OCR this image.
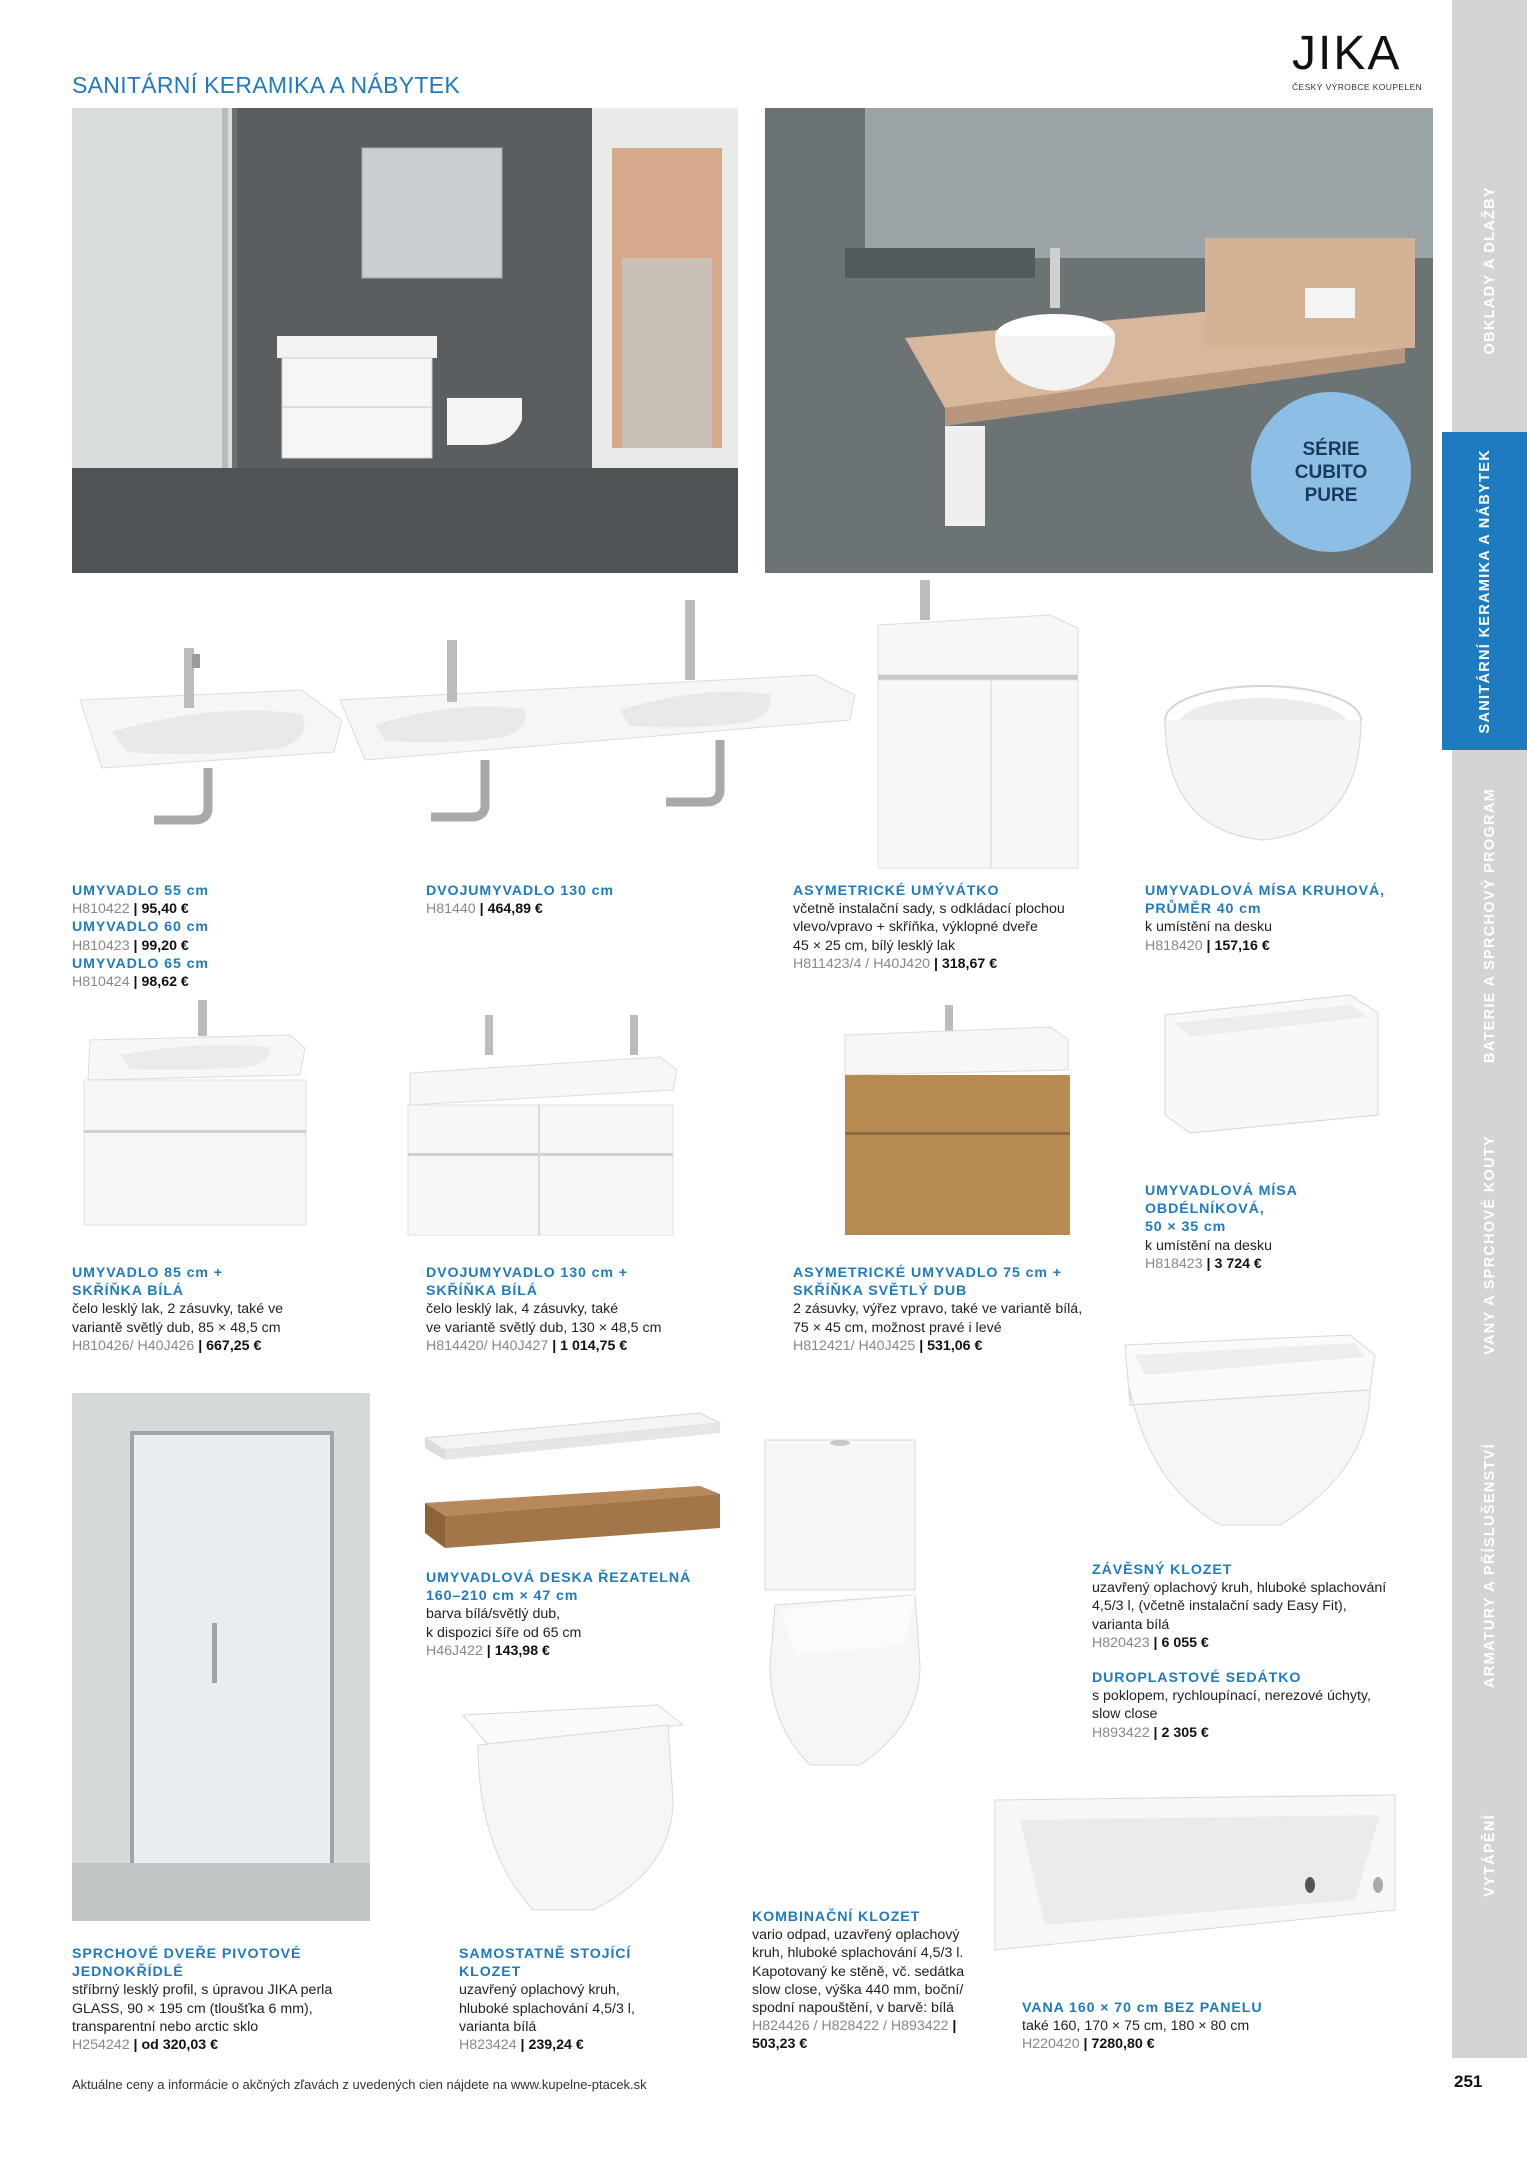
SANITÁRNÍ KERAMIKA A NÁBYTEK
JIKA
ČESKÝ VÝROBCE KOUPELEN
OBKLADY A DLAŽBY
SANITÁRNÍ KERAMIKA A NÁBYTEK
BATERIE A SPRCHOVÝ PROGRAM
VANY A SPRCHOVÉ KOUTY
ARMATURY A PŘÍSLUŠENSTVÍ
VYTÁPĚNÍ
SÉRIE
CUBITO
PURE
UMYVADLO 55 cm
H810422 | 95,40 €
UMYVADLO 60 cm
H810423 | 99,20 €
UMYVADLO 65 cm
H810424 | 98,62 €
DVOJUMYVADLO 130 cm
H81440 | 464,89 €
ASYMETRICKÉ UMÝVÁTKO
včetně instalační sady, s odkládací plochou
vlevo/vpravo + skříňka, výklopné dveře
45 × 25 cm, bílý lesklý lak
H811423/4 / H40J420 | 318,67 €
UMYVADLOVÁ MÍSA KRUHOVÁ,
PRŮMĚR 40 cm
k umístění na desku
H818420 | 157,16 €
UMYVADLO 85 cm +
SKŘÍŇKA BÍLÁ
čelo lesklý lak, 2 zásuvky, také ve
variantě světlý dub, 85 × 48,5 cm
H810426/ H40J426 | 667,25 €
DVOJUMYVADLO 130 cm +
SKŘÍŇKA BÍLÁ
čelo lesklý lak, 4 zásuvky, také
ve variantě světlý dub, 130 × 48,5 cm
H814420/ H40J427 | 1 014,75 €
ASYMETRICKÉ UMYVADLO 75 cm +
SKŘÍŇKA SVĚTLÝ DUB
2 zásuvky, výřez vpravo, také ve variantě bílá,
75 × 45 cm, možnost pravé i levé
H812421/ H40J425 | 531,06 €
UMYVADLOVÁ MÍSA
OBDÉLNÍKOVÁ,
50 × 35 cm
k umístění na desku
H818423 | 3 724 €
UMYVADLOVÁ DESKA ŘEZATELNÁ
160–210 cm × 47 cm
barva bílá/světlý dub,
k dispozici šíře od 65 cm
H46J422 | 143,98 €
ZÁVĚSNÝ KLOZET
uzavřený oplachový kruh, hluboké splachování
4,5/3 l, (včetně instalační sady Easy Fit),
varianta bílá
H820423 | 6 055 €
DUROPLASTOVÉ SEDÁTKO
s poklopem, rychloupínací, nerezové úchyty,
slow close
H893422 | 2 305 €
SPRCHOVÉ DVEŘE PIVOTOVÉ
JEDNOKŘÍDLÉ
stříbrný lesklý profil, s úpravou JIKA perla
GLASS, 90 × 195 cm (tloušťka 6 mm),
transparentní nebo arctic sklo
H254242 | od 320,03 €
SAMOSTATNĚ STOJÍCÍ
KLOZET
uzavřený oplachový kruh,
hluboké splachování 4,5/3 l,
varianta bílá
H823424 | 239,24 €
KOMBINAČNÍ KLOZET
vario odpad, uzavřený oplachový
kruh, hluboké splachování 4,5/3 l.
Kapotovaný ke stěně, vč. sedátka
slow close, výška 440 mm, boční/
spodní napouštění, v barvě: bílá
H824426 / H828422 / H893422 |
503,23 €
VANA 160 × 70 cm BEZ PANELU
také 160, 170 × 75 cm, 180 × 80 cm
H220420 | 7280,80 €
Aktuálne ceny a informácie o akčných zľavách z uvedených cien nájdete na www.kupelne-ptacek.sk	251
